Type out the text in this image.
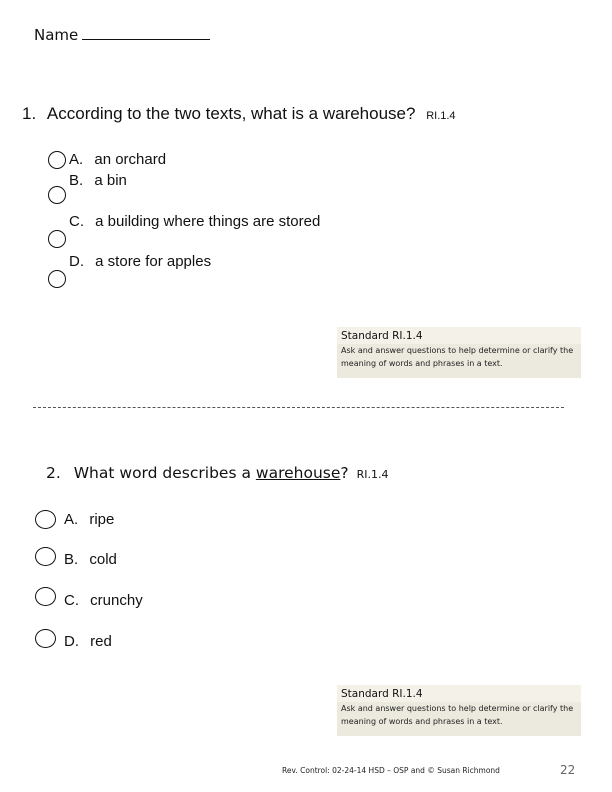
Name
1. According to the two texts, what is a warehouse? RI.1.4
A. an orchard
B. a bin
C. a building where things are stored
D. a store for apples
Standard RI.1.4
Ask and answer questions to help determine or clarify the meaning of words and phrases in a text.
2. What word describes a warehouse? RI.1.4
A. ripe
B. cold
C. crunchy
D. red
Standard RI.1.4
Ask and answer questions to help determine or clarify the meaning of words and phrases in a text.
Rev. Control: 02-24-14 HSD – OSP and © Susan Richmond	22
